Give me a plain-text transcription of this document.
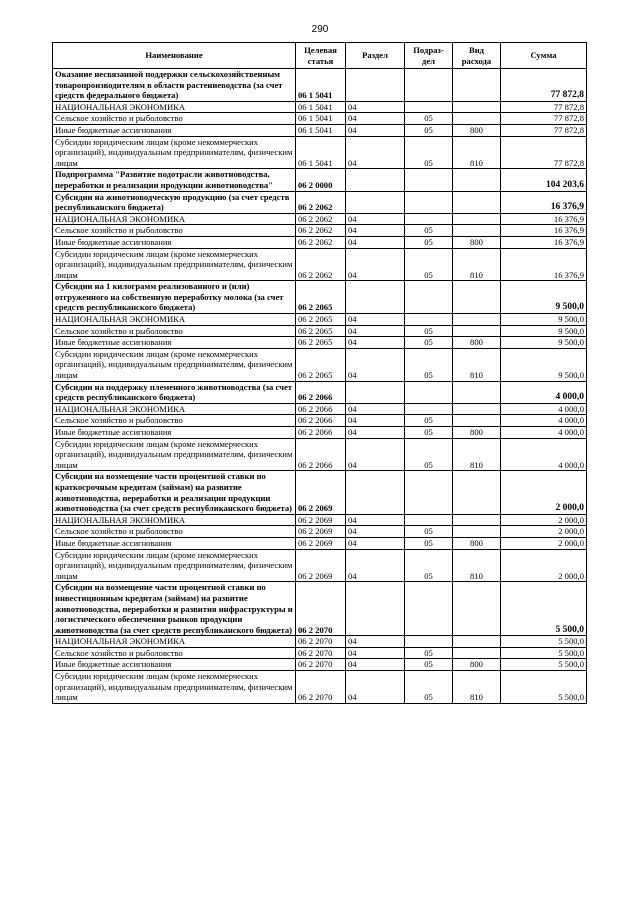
290
Наименование	Целевая статья	Раздел	Подраз-дел	Вид расхода	Сумма
Оказание несвязанной поддержки сельскохозяйственным товаропроизводителям в области растениеводства (за счет средств федерального бюджета)	06 1 5041				77 872,8
НАЦИОНАЛЬНАЯ ЭКОНОМИКА	06 1 5041	04			77 872,8
Сельское хозяйство и рыболовство	06 1 5041	04	05		77 872,8
Иные бюджетные ассигнования	06 1 5041	04	05	800	77 872,8
Субсидии юридическим лицам (кроме некоммерческих организаций), индивидуальным предпринимателям, физическим лицам	06 1 5041	04	05	810	77 872,8
Подпрограмма "Развитие подотрасли животноводства, переработки и реализации продукции животноводства"	06 2 0000				104 203,6
Субсидии на животноводческую продукцию (за счет средств республиканского бюджета)	06 2 2062				16 376,9
НАЦИОНАЛЬНАЯ ЭКОНОМИКА	06 2 2062	04			16 376,9
Сельское хозяйство и рыболовство	06 2 2062	04	05		16 376,9
Иные бюджетные ассигнования	06 2 2062	04	05	800	16 376,9
Субсидии юридическим лицам (кроме некоммерческих организаций), индивидуальным предпринимателям, физическим лицам	06 2 2062	04	05	810	16 376,9
Субсидии на 1 килограмм реализованного и (или) отгруженного на собственную переработку молока (за счет средств республиканского бюджета)	06 2 2065				9 500,0
НАЦИОНАЛЬНАЯ ЭКОНОМИКА	06 2 2065	04			9 500,0
Сельское хозяйство и рыболовство	06 2 2065	04	05		9 500,0
Иные бюджетные ассигнования	06 2 2065	04	05	800	9 500,0
Субсидии юридическим лицам (кроме некоммерческих организаций), индивидуальным предпринимателям, физическим лицам	06 2 2065	04	05	810	9 500,0
Субсидии на поддержку племенного животноводства (за счет средств республиканского бюджета)	06 2 2066				4 000,0
НАЦИОНАЛЬНАЯ ЭКОНОМИКА	06 2 2066	04			4 000,0
Сельское хозяйство и рыболовство	06 2 2066	04	05		4 000,0
Иные бюджетные ассигнования	06 2 2066	04	05	800	4 000,0
Субсидии юридическим лицам (кроме некоммерческих организаций), индивидуальным предпринимателям, физическим лицам	06 2 2066	04	05	810	4 000,0
Субсидии на возмещение части процентной ставки по краткосрочным кредитам (займам) на развитие животноводства, переработки и реализации продукции животноводства (за счет средств республиканского бюджета)	06 2 2069				2 000,0
НАЦИОНАЛЬНАЯ ЭКОНОМИКА	06 2 2069	04			2 000,0
Сельское хозяйство и рыболовство	06 2 2069	04	05		2 000,0
Иные бюджетные ассигнования	06 2 2069	04	05	800	2 000,0
Субсидии юридическим лицам (кроме некоммерческих организаций), индивидуальным предпринимателям, физическим лицам	06 2 2069	04	05	810	2 000,0
Субсидии на возмещение части процентной ставки по инвестиционным кредитам (займам) на развитие животноводства, переработки и развития инфраструктуры и логистического обеспечения рынков продукции животноводства (за счет средств республиканского бюджета)	06 2 2070				5 500,0
НАЦИОНАЛЬНАЯ ЭКОНОМИКА	06 2 2070	04			5 500,0
Сельское хозяйство и рыболовство	06 2 2070	04	05		5 500,0
Иные бюджетные ассигнования	06 2 2070	04	05	800	5 500,0
Субсидии юридическим лицам (кроме некоммерческих организаций), индивидуальным предпринимателям, физическим лицам	06 2 2070	04	05	810	5 500,0
